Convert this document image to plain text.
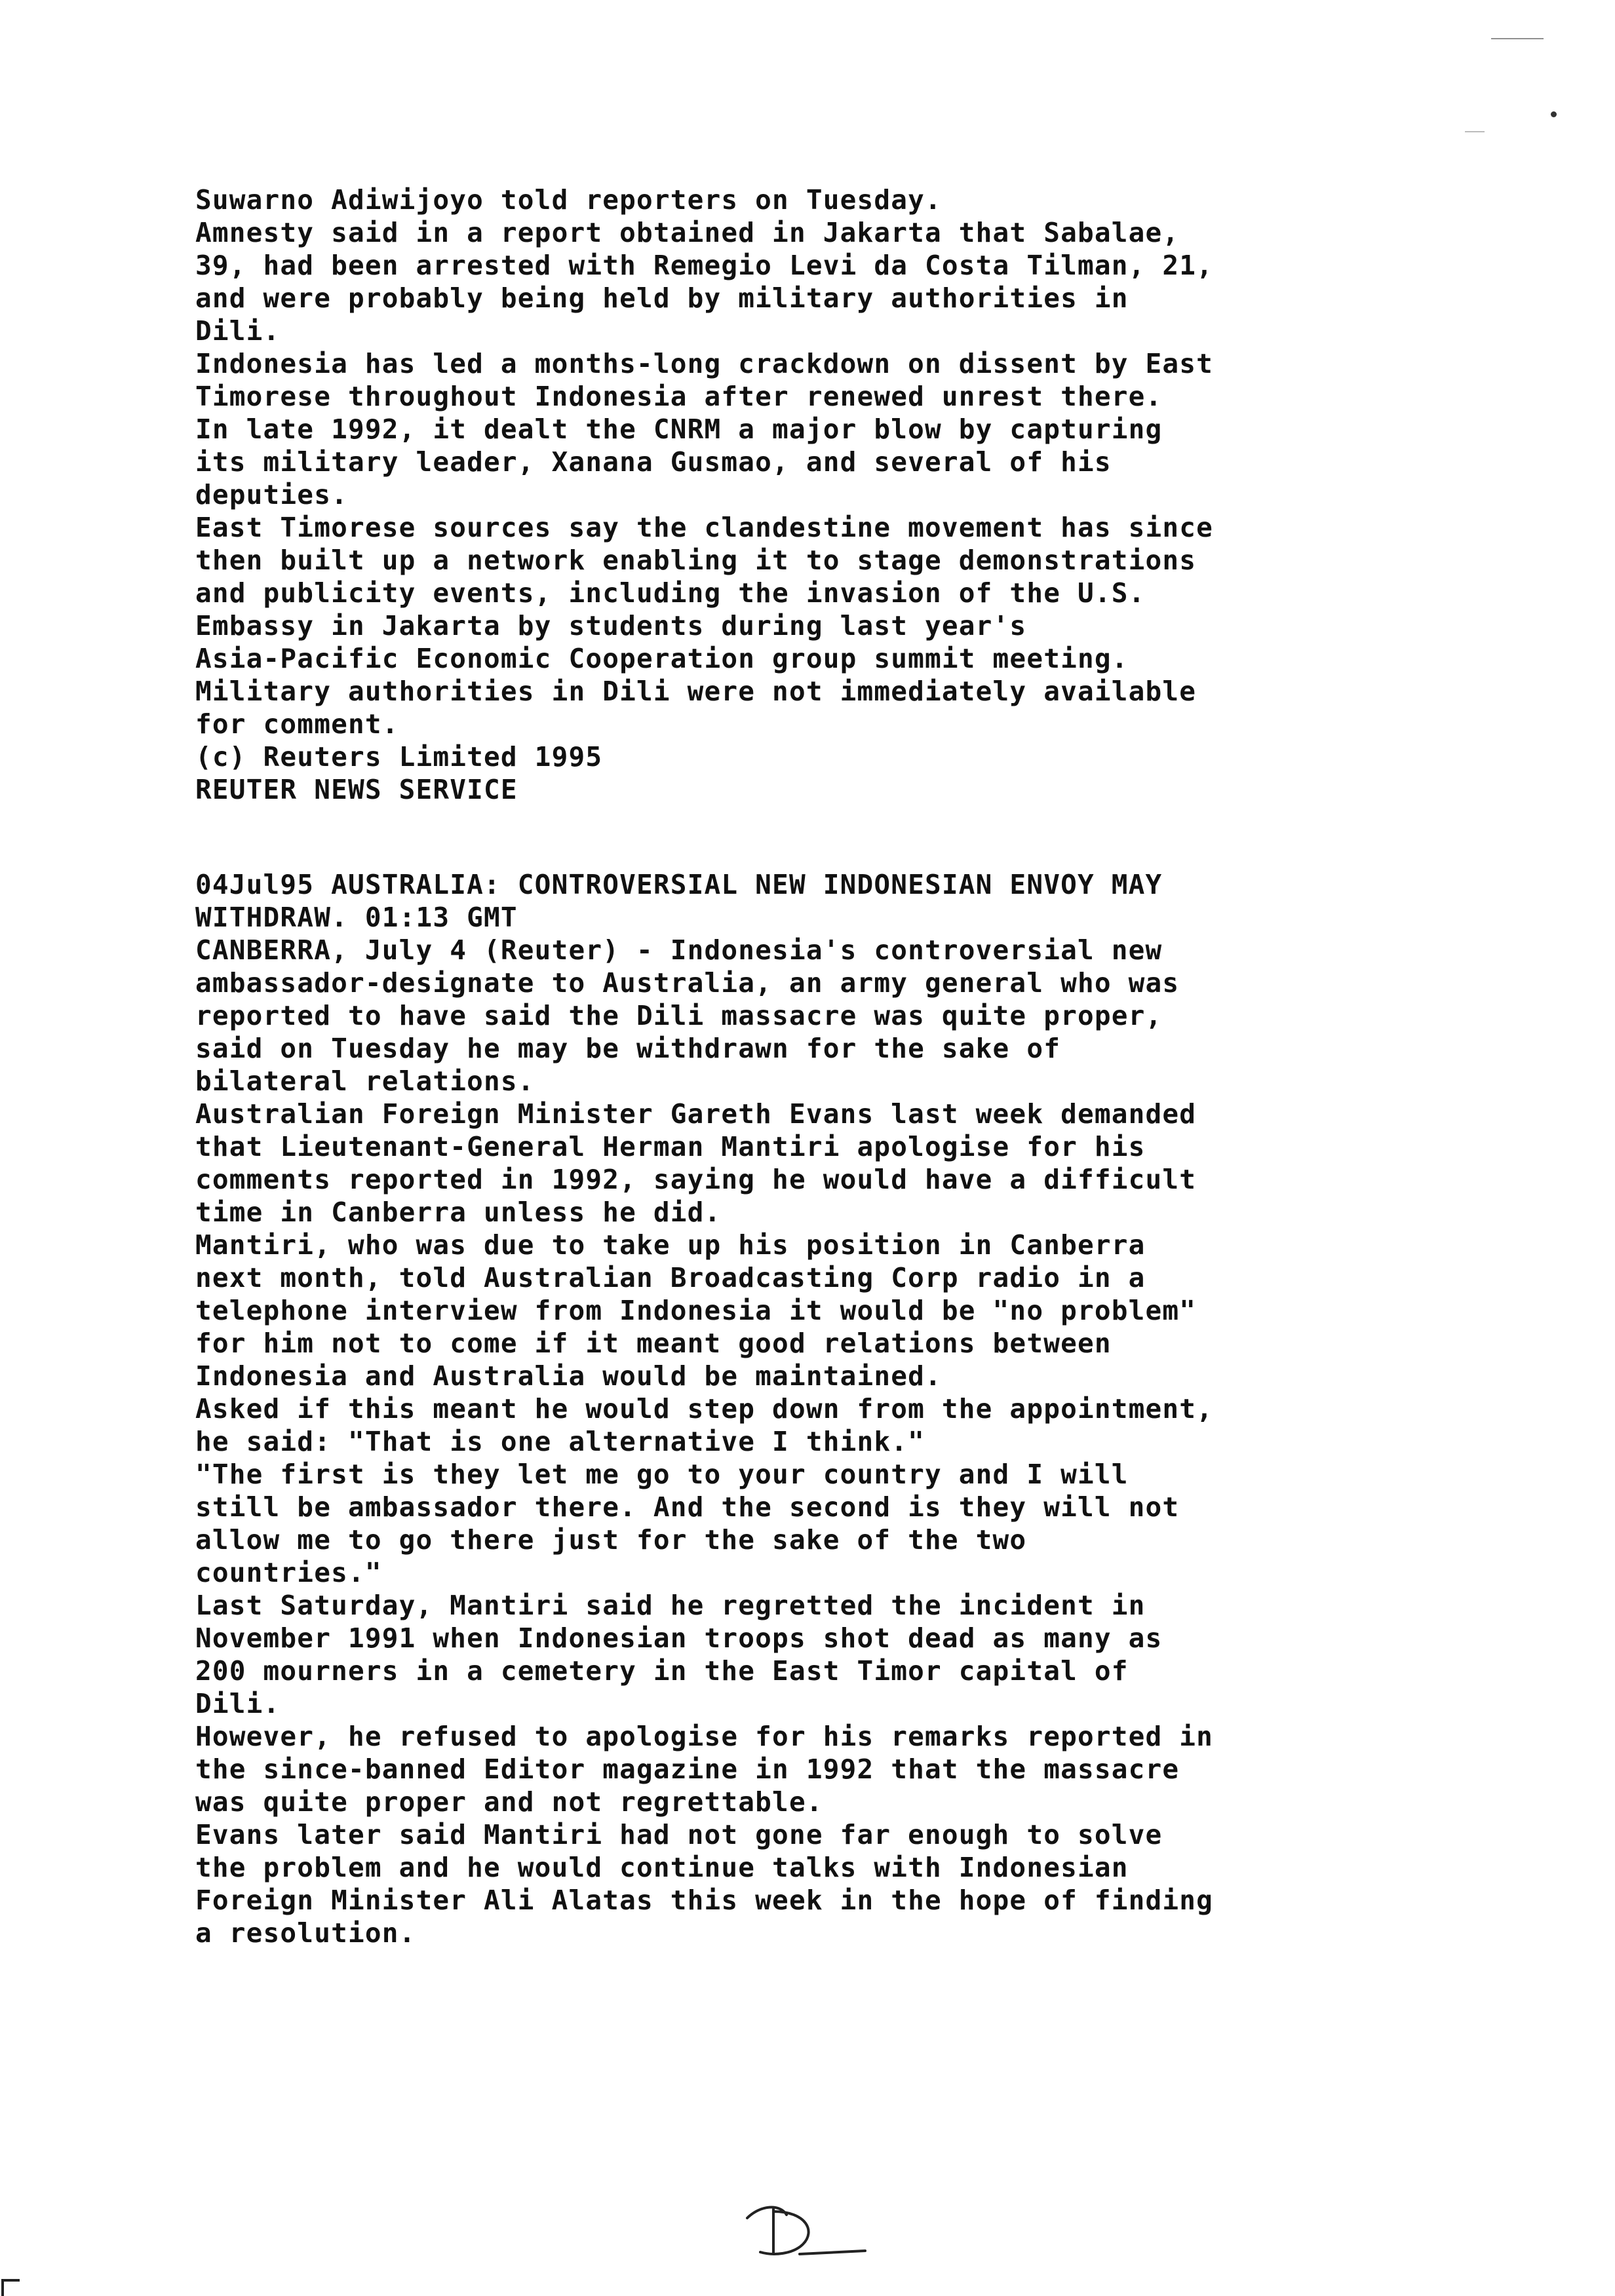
Suwarno Adiwijoyo told reporters on Tuesday.
Amnesty said in a report obtained in Jakarta that Sabalae,
39, had been arrested with Remegio Levi da Costa Tilman, 21,
and were probably being held by military authorities in
Dili.
Indonesia has led a months-long crackdown on dissent by East
Timorese throughout Indonesia after renewed unrest there.
In late 1992, it dealt the CNRM a major blow by capturing
its military leader, Xanana Gusmao, and several of his
deputies.
East Timorese sources say the clandestine movement has since
then built up a network enabling it to stage demonstrations
and publicity events, including the invasion of the U.S.
Embassy in Jakarta by students during last year's
Asia-Pacific Economic Cooperation group summit meeting.
Military authorities in Dili were not immediately available
for comment.
(c) Reuters Limited 1995
REUTER NEWS SERVICE
04Jul95 AUSTRALIA: CONTROVERSIAL NEW INDONESIAN ENVOY MAY
WITHDRAW. 01:13 GMT
CANBERRA, July 4 (Reuter) - Indonesia's controversial new
ambassador-designate to Australia, an army general who was
reported to have said the Dili massacre was quite proper,
said on Tuesday he may be withdrawn for the sake of
bilateral relations.
Australian Foreign Minister Gareth Evans last week demanded
that Lieutenant-General Herman Mantiri apologise for his
comments reported in 1992, saying he would have a difficult
time in Canberra unless he did.
Mantiri, who was due to take up his position in Canberra
next month, told Australian Broadcasting Corp radio in a
telephone interview from Indonesia it would be "no problem"
for him not to come if it meant good relations between
Indonesia and Australia would be maintained.
Asked if this meant he would step down from the appointment,
he said: "That is one alternative I think."
"The first is they let me go to your country and I will
still be ambassador there. And the second is they will not
allow me to go there just for the sake of the two
countries."
Last Saturday, Mantiri said he regretted the incident in
November 1991 when Indonesian troops shot dead as many as
200 mourners in a cemetery in the East Timor capital of
Dili.
However, he refused to apologise for his remarks reported in
the since-banned Editor magazine in 1992 that the massacre
was quite proper and not regrettable.
Evans later said Mantiri had not gone far enough to solve
the problem and he would continue talks with Indonesian
Foreign Minister Ali Alatas this week in the hope of finding
a resolution.
